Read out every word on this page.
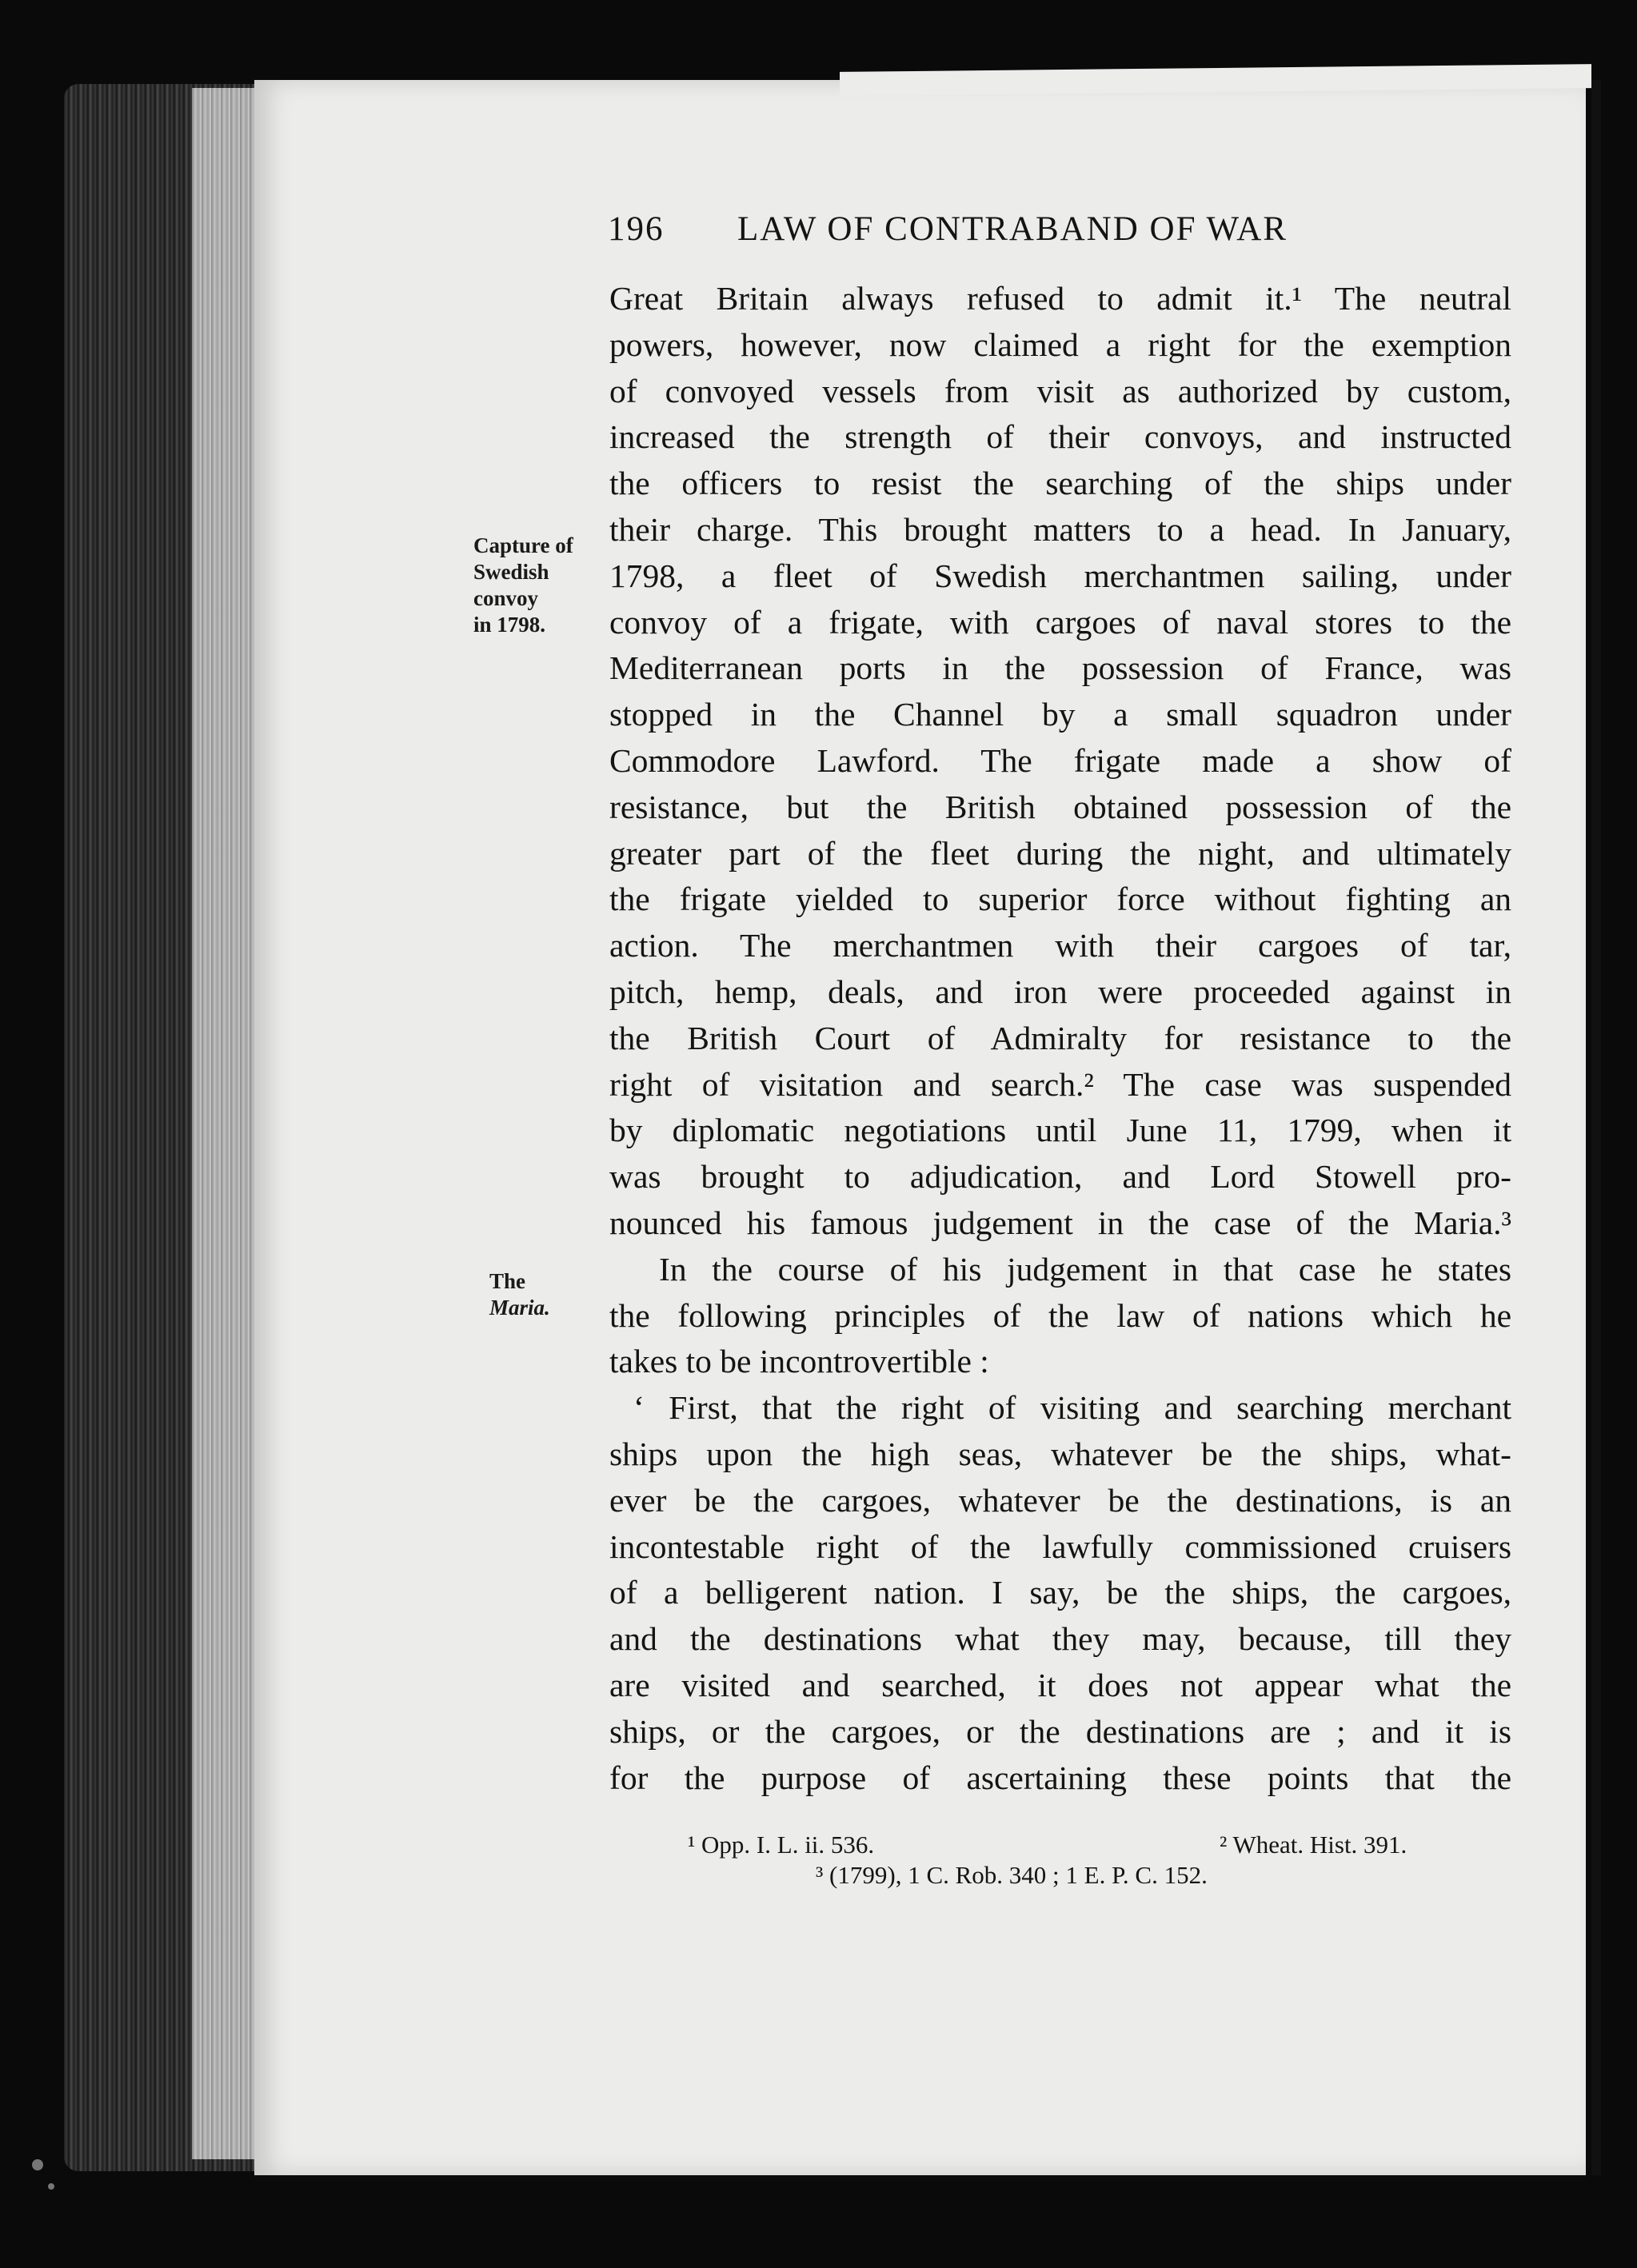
196 LAW OF CONTRABAND OF WAR
Capture of
Swedish
convoy
in 1798.
The
Maria.
Great Britain always refused to admit it.¹ The neutral
powers, however, now claimed a right for the exemption
of convoyed vessels from visit as authorized by custom,
increased the strength of their convoys, and instructed
the officers to resist the searching of the ships under
their charge. This brought matters to a head. In January,
1798, a fleet of Swedish merchantmen sailing, under
convoy of a frigate, with cargoes of naval stores to the
Mediterranean ports in the possession of France, was
stopped in the Channel by a small squadron under
Commodore Lawford. The frigate made a show of
resistance, but the British obtained possession of the
greater part of the fleet during the night, and ultimately
the frigate yielded to superior force without fighting an
action. The merchantmen with their cargoes of tar,
pitch, hemp, deals, and iron were proceeded against in
the British Court of Admiralty for resistance to the
right of visitation and search.² The case was suspended
by diplomatic negotiations until June 11, 1799, when it
was brought to adjudication, and Lord Stowell pro-
nounced his famous judgement in the case of the Maria.³
In the course of his judgement in that case he states
the following principles of the law of nations which he
takes to be incontrovertible :
‘ First, that the right of visiting and searching merchant
ships upon the high seas, whatever be the ships, what-
ever be the cargoes, whatever be the destinations, is an
incontestable right of the lawfully commissioned cruisers
of a belligerent nation. I say, be the ships, the cargoes,
and the destinations what they may, because, till they
are visited and searched, it does not appear what the
ships, or the cargoes, or the destinations are ; and it is
for the purpose of ascertaining these points that the
¹ Opp. I. L. ii. 536.	² Wheat. Hist. 391.
³ (1799), 1 C. Rob. 340 ; 1 E. P. C. 152.
